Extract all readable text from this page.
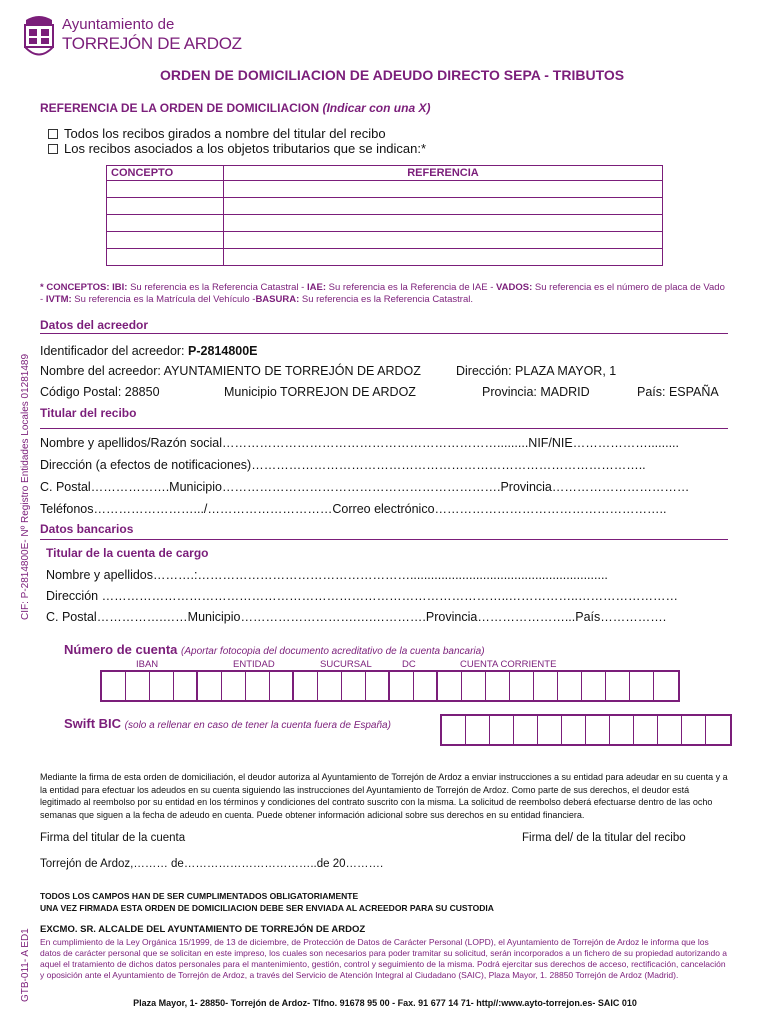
Ayuntamiento de
TORREJÓN DE ARDOZ
ORDEN DE DOMICILIACION DE ADEUDO DIRECTO SEPA - TRIBUTOS
REFERENCIA DE LA ORDEN DE DOMICILIACION (Indicar con una X)
Todos los recibos girados a nombre del titular del recibo
Los recibos asociados a los objetos tributarios que se indican:*
CONCEPTO	REFERENCIA

* CONCEPTOS: IBI: Su referencia es la Referencia Catastral - IAE: Su referencia es la Referencia de IAE - VADOS: Su referencia es el número de placa de Vado - IVTM: Su referencia es la Matrícula del Vehículo -BASURA: Su referencia es la Referencia Catastral.
Datos del acreedor
Identificador del acreedor: P-2814800E
Nombre del acreedor: AYUNTAMIENTO DE TORREJÓN DE ARDOZ	Dirección: PLAZA MAYOR, 1
Código Postal: 28850	Municipio TORREJON DE ARDOZ	Provincia: MADRID	País: ESPAÑA
Titular del recibo
Nombre y apellidos/Razón social………………………………………………………….........NIF/NIE……………….........
Dirección (a efectos de notificaciones)…………………………………………………………………………………..
C. Postal……………….Municipio………………………………………………………….Provincia……………………………
Teléfonos…………………….../…………………………Correo electrónico………………………………………………..
Datos bancarios
Titular de la cuenta de cargo
Nombre y apellidos……….:…………………………………………….........................................................
Dirección ……………………………………………………………………………………..……………..……………………
C. Postal…………….……Municipio……………………….….………….Provincia…………………...País…………….
Número de cuenta (Aportar fotocopia del documento acreditativo de la cuenta bancaria)
IBAN	ENTIDAD	SUCURSAL	DC	CUENTA CORRIENTE
Swift BIC (solo a rellenar en caso de tener la cuenta fuera de España)
Mediante la firma de esta orden de domiciliación, el deudor autoriza al Ayuntamiento de Torrejón de Ardoz a enviar instrucciones a su entidad para adeudar en su cuenta y a la entidad para efectuar los adeudos en su cuenta siguiendo las instrucciones del Ayuntamiento de Torrejón de Ardoz. Como parte de sus derechos, el deudor está legitimado al reembolso por su entidad en los términos y condiciones del contrato suscrito con la misma. La solicitud de reembolso deberá efectuarse dentro de las ocho semanas que siguen a la fecha de adeudo en cuenta. Puede obtener información adicional sobre sus derechos en su entidad financiera.
Firma del titular de la cuenta	Firma del/ de la titular del recibo
Torrejón de Ardoz,……… de……………………………..de 20……….
TODOS LOS CAMPOS HAN DE SER CUMPLIMENTADOS OBLIGATORIAMENTE
UNA VEZ FIRMADA ESTA ORDEN DE DOMICILIACION DEBE SER ENVIADA AL ACREEDOR PARA SU CUSTODIA
EXCMO. SR. ALCALDE DEL AYUNTAMIENTO DE TORREJÓN DE ARDOZ
En cumplimiento de la Ley Orgánica 15/1999, de 13 de diciembre, de Protección de Datos de Carácter Personal (LOPD), el Ayuntamiento de Torrejón de Ardoz le informa que los datos de carácter personal que se solicitan en este impreso, los cuales son necesarios para poder tramitar su solicitud, serán incorporados a un fichero de su propiedad autorizando a aquel el tratamiento de dichos datos personales para el mantenimiento, gestión, control y seguimiento de la misma. Podrá ejercitar sus derechos de acceso, rectificación, cancelación y oposición ante el Ayuntamiento de Torrejón de Ardoz, a través del Servicio de Atención Integral al Ciudadano (SAIC), Plaza Mayor, 1. 28850 Torrejón de Ardoz (Madrid).
CIF: P-2814800E- Nº Registro Entidades Locales 01281489
GTB-011- A ED1
Plaza Mayor, 1- 28850- Torrejón de Ardoz- Tlfno. 91678 95 00 - Fax. 91 677 14 71- http//:www.ayto-torrejon.es- SAIC 010
